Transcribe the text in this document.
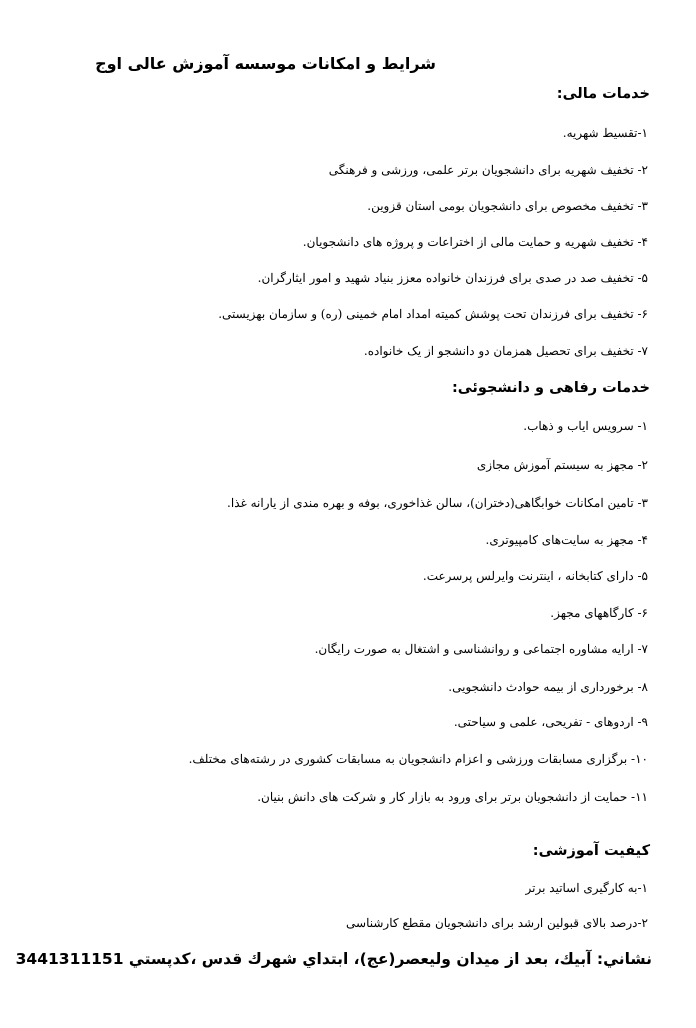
شرایط و امکانات موسسه آموزش عالی اوج
خدمات مالی:
۱-تقسیط شهریه.
۲- تخفیف شهریه برای دانشجویان برتر علمی، ورزشی و فرهنگی
۳- تخفیف مخصوص برای دانشجویان بومی استان قزوین.
۴- تخفیف شهریه و حمایت مالی از اختراعات و پروژه های دانشجویان.
۵- تخفیف صد در صدی برای فرزندان خانواده معزز بنیاد شهید و امور ایثارگران.
۶- تخفیف برای فرزندان تحت پوشش کمیته امداد امام خمینی (ره) و سازمان بهزیستی.
۷- تخفیف برای تحصیل همزمان دو دانشجو از یک خانواده.
خدمات رفاهی و دانشجوئی:
۱- سرویس ایاب و ذهاب.
۲- مجهز به سیستم آموزش مجازی
۳- تامین امکانات خوابگاهی(دختران)، سالن غذاخوری، بوفه و بهره مندی از یارانه غذا.
۴- مجهز به سایت‌های کامپیوتری.
۵- دارای کتابخانه ، اینترنت وایرلس پرسرعت.
۶- کارگاههای مجهز.
۷- ارایه مشاوره اجتماعی و روانشناسی و اشتغال به صورت رایگان.
۸- برخورداری از بیمه حوادث دانشجویی.
۹- اردوهای - تفریحی، علمی و سیاحتی.
۱۰- برگزاری مسابقات ورزشی و اعزام دانشجویان به مسابقات کشوری در رشته‌های مختلف.
۱۱- حمایت از دانشجویان برتر برای ورود به بازار کار و شرکت های دانش بنیان.
کیفیت آموزشی:
۱-به کارگیری اساتید برتر
۲-درصد بالای قبولین ارشد برای دانشجویان مقطع کارشناسی
نشاني: آبيك، بعد از ميدان وليعصر(عج)، ابتداي شهرك قدس ،كدپستي 3441311151
